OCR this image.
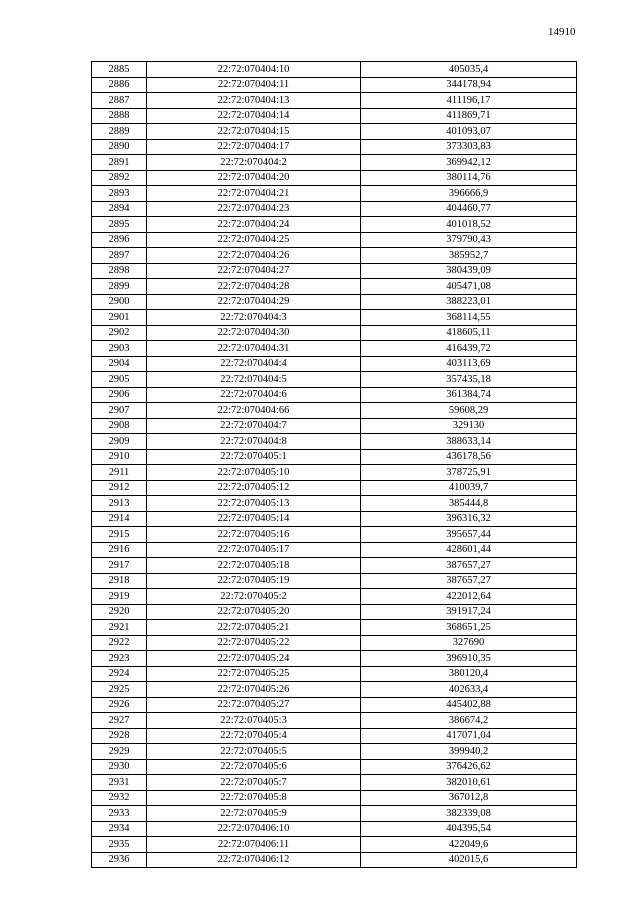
14910
2885	22:72:070404:10	405035,4
2886	22:72:070404:11	344178,94
2887	22:72:070404:13	411196,17
2888	22:72:070404:14	411869,71
2889	22:72:070404:15	401093,07
2890	22:72:070404:17	373303,83
2891	22:72:070404:2	369942,12
2892	22:72:070404:20	380114,76
2893	22:72:070404:21	396666,9
2894	22:72:070404:23	404460,77
2895	22:72:070404:24	401018,52
2896	22:72:070404:25	379790,43
2897	22:72:070404:26	385952,7
2898	22:72:070404:27	380439,09
2899	22:72:070404:28	405471,08
2900	22:72:070404:29	388223,01
2901	22:72:070404:3	368114,55
2902	22:72:070404:30	418605,11
2903	22:72:070404:31	416439,72
2904	22:72:070404:4	403113,69
2905	22:72:070404:5	357435,18
2906	22:72:070404:6	361384,74
2907	22:72:070404:66	59608,29
2908	22:72:070404:7	329130
2909	22:72:070404:8	388633,14
2910	22:72:070405:1	436178,56
2911	22:72:070405:10	378725,91
2912	22:72:070405:12	410039,7
2913	22:72:070405:13	385444,8
2914	22:72:070405:14	396316,32
2915	22:72:070405:16	395657,44
2916	22:72:070405:17	428601,44
2917	22:72:070405:18	387657,27
2918	22:72:070405:19	387657,27
2919	22:72:070405:2	422012,64
2920	22:72:070405:20	391917,24
2921	22:72:070405:21	368651,25
2922	22:72:070405:22	327690
2923	22:72:070405:24	396910,35
2924	22:72:070405:25	380120,4
2925	22:72:070405:26	402633,4
2926	22:72:070405:27	445402,88
2927	22:72:070405:3	386674,2
2928	22:72:070405:4	417071,04
2929	22:72:070405:5	399940,2
2930	22:72:070405:6	376426,62
2931	22:72:070405:7	382010,61
2932	22:72:070405:8	367012,8
2933	22:72:070405:9	382339,08
2934	22:72:070406:10	404395,54
2935	22:72:070406:11	422049,6
2936	22:72:070406:12	402015,6
